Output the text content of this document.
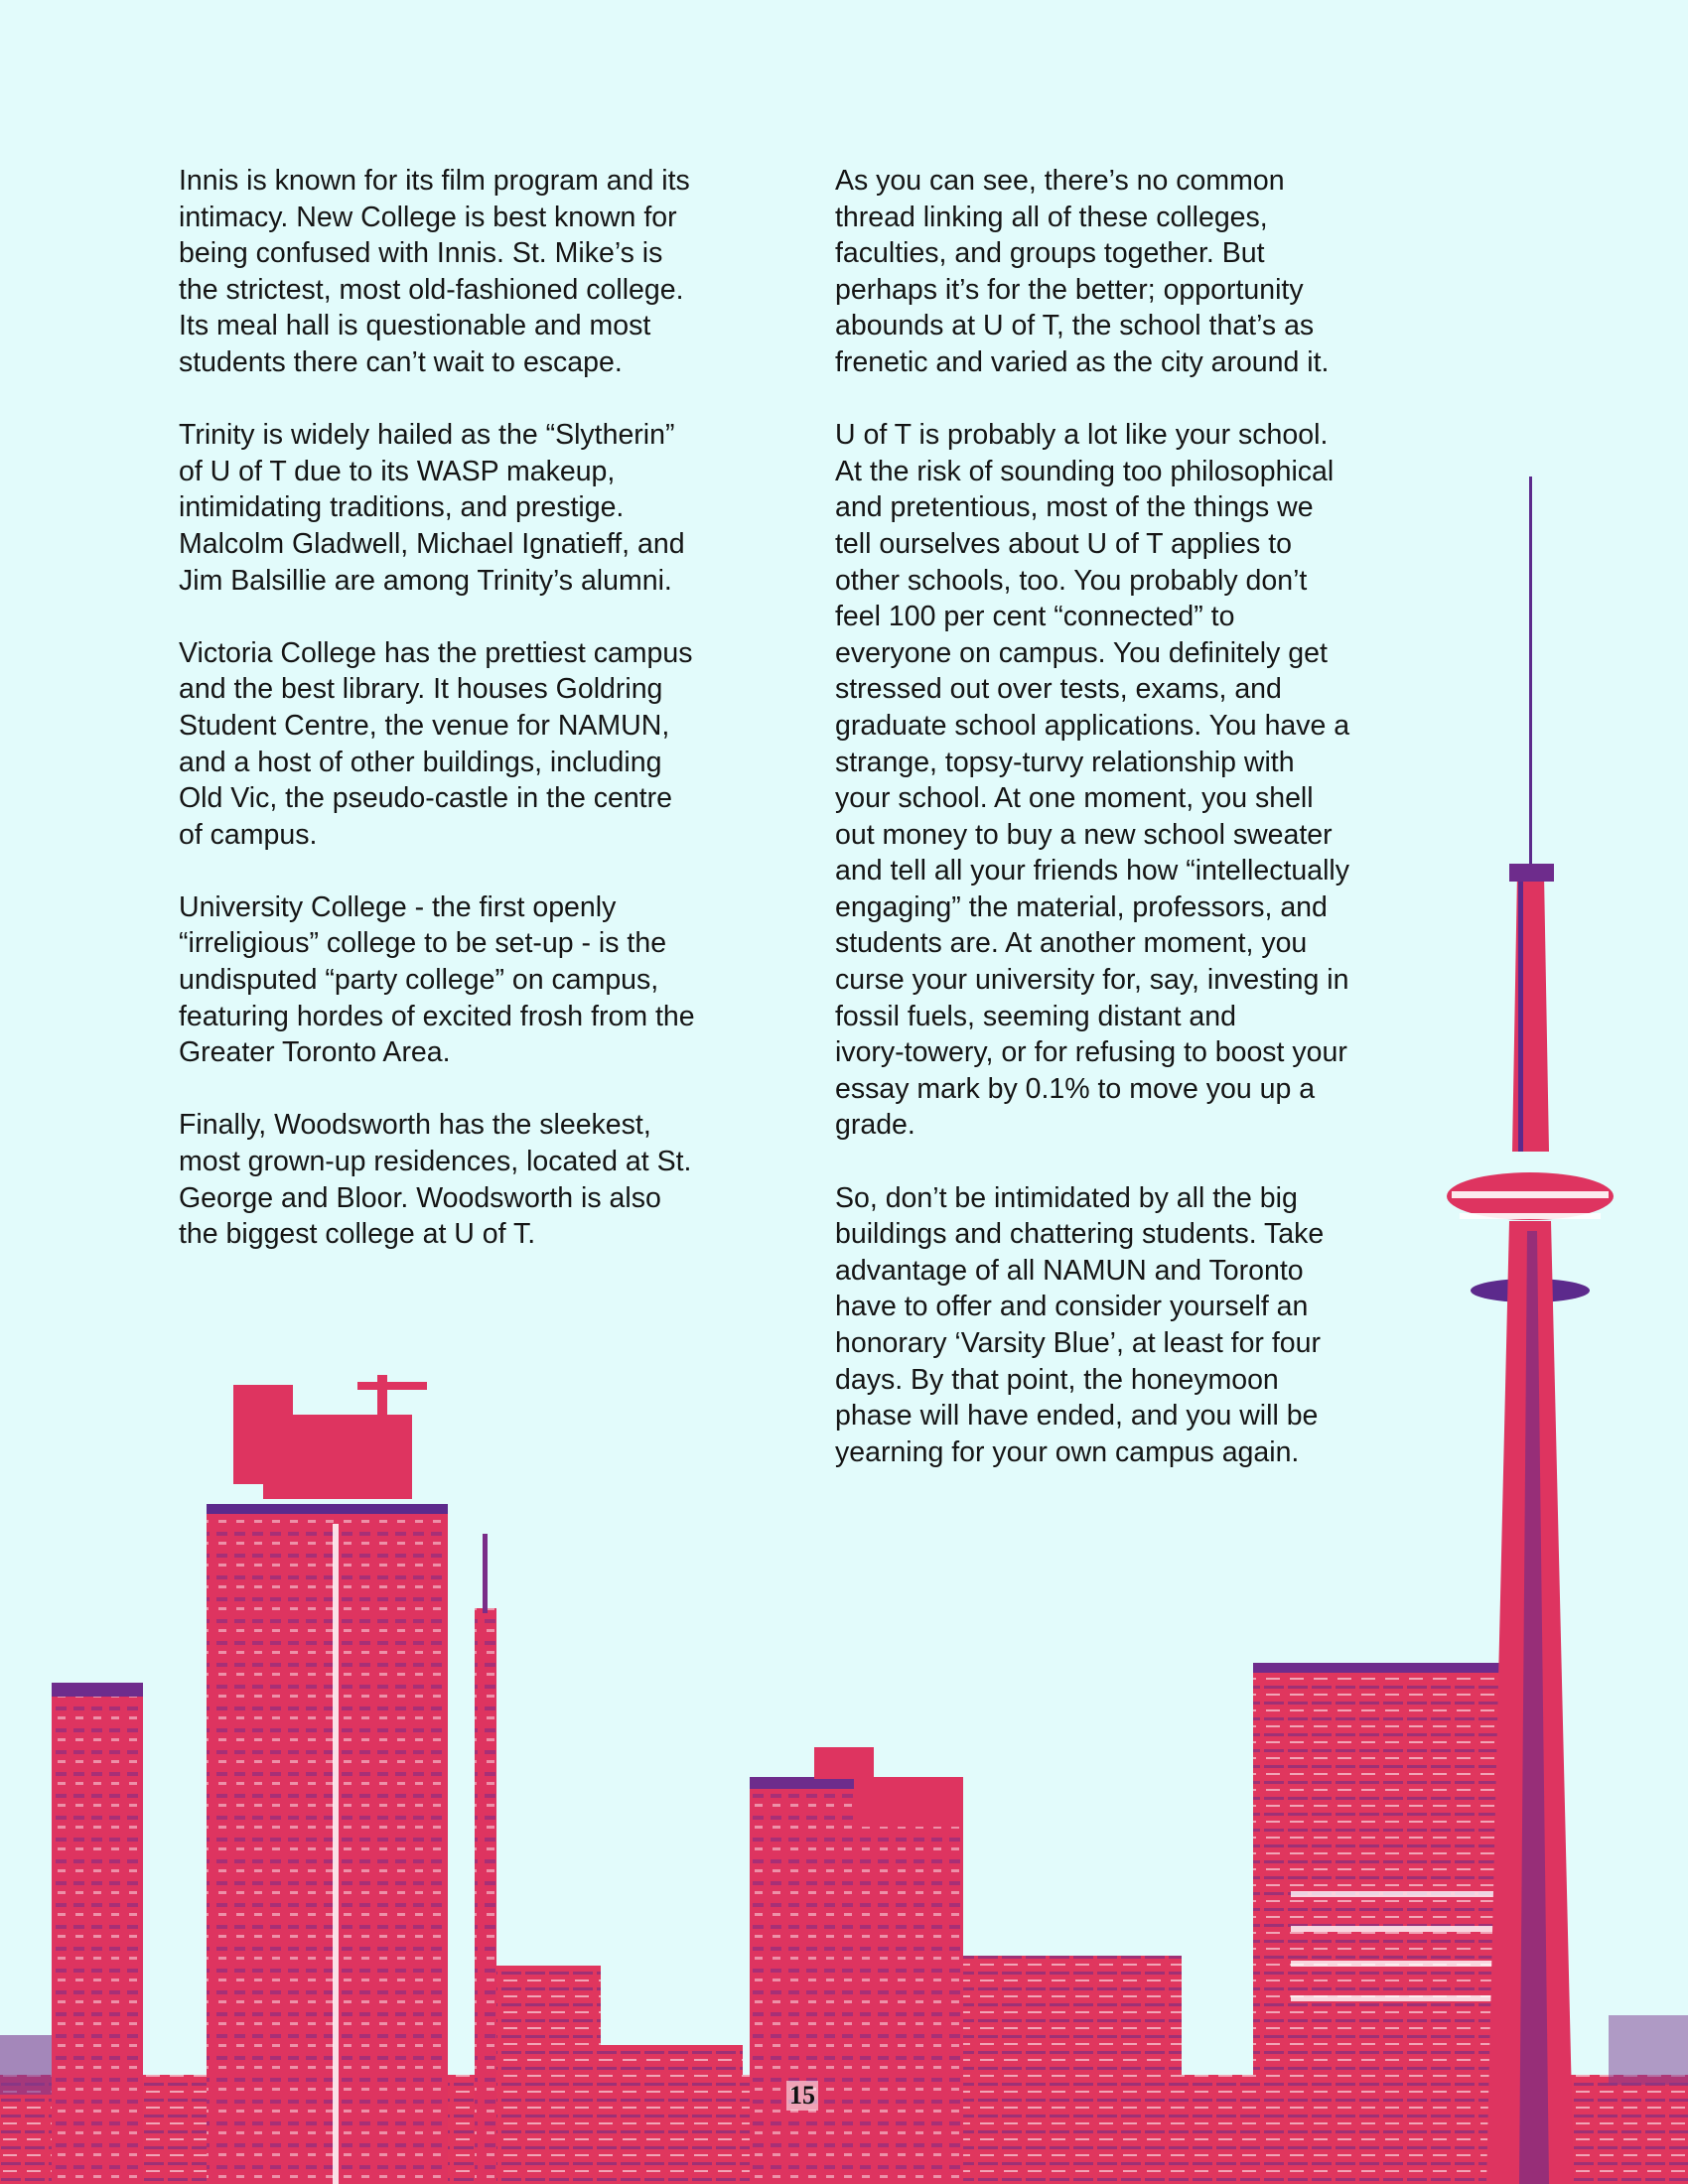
Innis is known for its film program and its
intimacy. New College is best known for
being confused with Innis. St. Mike’s is
the strictest, most old-fashioned college.
Its meal hall is questionable and most
students there can’t wait to escape.

Trinity is widely hailed as the “Slytherin”
of U of T due to its WASP makeup,
intimidating traditions, and prestige.
Malcolm Gladwell, Michael Ignatieff, and
Jim Balsillie are among Trinity’s alumni.

Victoria College has the prettiest campus
and the best library. It houses Goldring
Student Centre, the venue for NAMUN,
and a host of other buildings, including
Old Vic, the pseudo-castle in the centre
of campus.

University College - the first openly
“irreligious” college to be set-up - is the
undisputed “party college” on campus,
featuring hordes of excited frosh from the
Greater Toronto Area.

Finally, Woodsworth has the sleekest,
most grown-up residences, located at St.
George and Bloor. Woodsworth is also
the biggest college at U of T.

As you can see, there’s no common
thread linking all of these colleges,
faculties, and groups together. But
perhaps it’s for the better; opportunity
abounds at U of T, the school that’s as
frenetic and varied as the city around it.

U of T is probably a lot like your school.
At the risk of sounding too philosophical
and pretentious, most of the things we
tell ourselves about U of T applies to
other schools, too. You probably don’t
feel 100 per cent “connected” to
everyone on campus. You definitely get
stressed out over tests, exams, and
graduate school applications. You have a
strange, topsy-turvy relationship with
your school. At one moment, you shell
out money to buy a new school sweater
and tell all your friends how “intellectually
engaging” the material, professors, and
students are. At another moment, you
curse your university for, say, investing in
fossil fuels, seeming distant and
ivory-towery, or for refusing to boost your
essay mark by 0.1% to move you up a
grade.

So, don’t be intimidated by all the big
buildings and chattering students. Take
advantage of all NAMUN and Toronto
have to offer and consider yourself an
honorary ‘Varsity Blue’, at least for four
days. By that point, the honeymoon
phase will have ended, and you will be
yearning for your own campus again.

15
